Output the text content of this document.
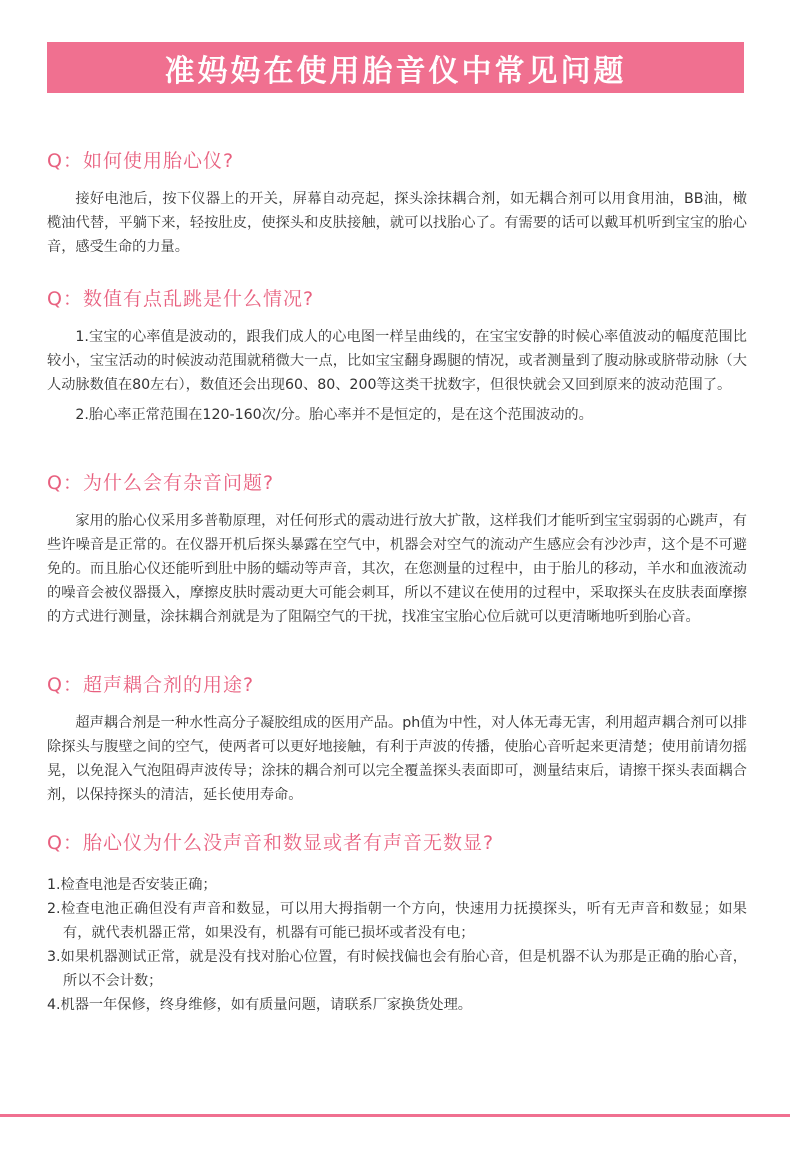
准妈妈在使用胎音仪中常见问题
Q：如何使用胎心仪?

接好电池后，按下仪器上的开关，屏幕自动亮起，探头涂抹耦合剂，如无耦合剂可以用食用油，BB油，橄榄油代替，平躺下来，轻按肚皮，使探头和皮肤接触，就可以找胎心了。有需要的话可以戴耳机听到宝宝的胎心音，感受生命的力量。

Q：数值有点乱跳是什么情况?

1.宝宝的心率值是波动的，跟我们成人的心电图一样呈曲线的，在宝宝安静的时候心率值波动的幅度范围比较小，宝宝活动的时候波动范围就稍微大一点，比如宝宝翻身踢腿的情况，或者测量到了腹动脉或脐带动脉（大人动脉数值在80左右），数值还会出现60、80、200等这类干扰数字，但很快就会又回到原来的波动范围了。

2.胎心率正常范围在120-160次/分。胎心率并不是恒定的，是在这个范围波动的。

Q：为什么会有杂音问题?

家用的胎心仪采用多普勒原理，对任何形式的震动进行放大扩散，这样我们才能听到宝宝弱弱的心跳声，有些许噪音是正常的。在仪器开机后探头暴露在空气中，机器会对空气的流动产生感应会有沙沙声，这个是不可避免的。而且胎心仪还能听到肚中肠的蠕动等声音，其次，在您测量的过程中，由于胎儿的移动，羊水和血液流动的噪音会被仪器摄入，摩擦皮肤时震动更大可能会刺耳，所以不建议在使用的过程中，采取探头在皮肤表面摩擦的方式进行测量，涂抹耦合剂就是为了阻隔空气的干扰，找准宝宝胎心位后就可以更清晰地听到胎心音。

Q：超声耦合剂的用途?

超声耦合剂是一种水性高分子凝胶组成的医用产品。ph值为中性，对人体无毒无害，利用超声耦合剂可以排除探头与腹壁之间的空气，使两者可以更好地接触，有利于声波的传播，使胎心音听起来更清楚；使用前请勿摇晃，以免混入气泡阻碍声波传导；涂抹的耦合剂可以完全覆盖探头表面即可，测量结束后，请擦干探头表面耦合剂，以保持探头的清洁，延长使用寿命。

Q：胎心仪为什么没声音和数显或者有声音无数显?
1.检查电池是否安装正确；
2.检查电池正确但没有声音和数显，可以用大拇指朝一个方向，快速用力抚摸探头，听有无声音和数显；如果有，就代表机器正常，如果没有，机器有可能已损坏或者没有电；
3.如果机器测试正常，就是没有找对胎心位置，有时候找偏也会有胎心音，但是机器不认为那是正确的胎心音，所以不会计数；
4.机器一年保修，终身维修，如有质量问题，请联系厂家换货处理。
